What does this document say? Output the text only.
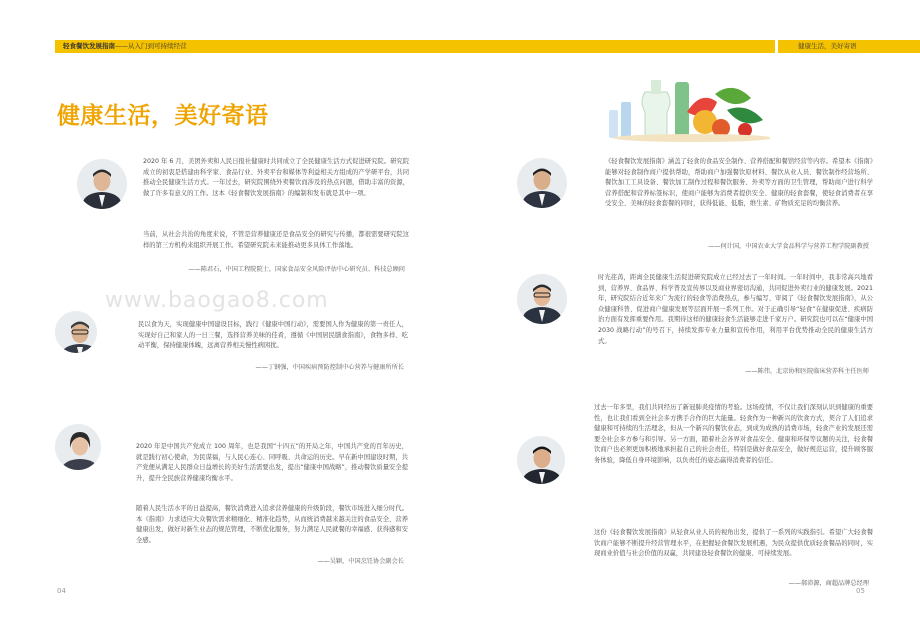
轻食餐饮发展指南——从入门到可持续经营	健康生活，美好寄语
健康生活，美好寄语
www.baogao8.com
2020 年 6 月，美团外卖和人民日报社健康时共同成立了全民健康生活方式促进研究院。研究院成立的初衷是搭建由科学家、食品行业、外卖平台和媒体等利益相关方组成的产学研平台，共同推动全民健康生活方式。一年过去，研究院围绕外卖餐饮而涉及的热点问题，借助丰富的资源，做了许多有意义的工作。这本《轻食餐饮发展指南》的编制和发布就是其中一项。
当前，从社会共治的角度来说，不管是营养健康还是食品安全的研究与传播，都很需要研究院这样的第三方机构来组织开展工作。希望研究院未来能推动更多具体工作落地。
——陈君石，中国工程院院士，国家食品安全风险评估中心研究员、科技总顾问
民以食为天，实现健康中国建设目标，践行《健康中国行动》，需要国人作为健康的第一责任人，实现好自己和家人的一日三餐，选择营养美味的佳肴，遵循《中国居民膳食指南》，食物多样、吃动平衡，保持健康体魄，远离营养相关慢性病困扰。
——丁钢强，中国疾病预防控制中心营养与健康所所长
2020 年是中国共产党成立 100 周年，也是我国“十四五”的开局之年，中国共产党的百年历史，就是践行初心使命，为民谋福，与人民心连心、同呼吸、共命运的历史。早在新中国建设时期，共产党便从满足人民群众日益增长的美好生活需要出发，提出“健康中国战略”，推动餐饮质量安全提升，提升全民族营养健康均衡水平。
随着人民生活水平的日益提高，餐饮消费进入追求营养健康的升级阶段，餐饮市场进入细分时代。本《指南》力求适应大众餐饮需求精细化、精准化趋势，从而统消费越来越关注的食品安全、营养健康出发，做好对新生业态的规范管理，不断优化服务，努力满足人民就餐的幸福感、获得感和安全感。
——吴颖，中国烹饪协会副会长
《轻食餐饮发展指南》涵盖了轻食的食品安全制作、营养搭配和餐馆经营等内容。希望本《指南》能够对轻食制作商户提供帮助，帮助商户加强餐饮原材料、餐饮从业人员、餐饮制作经营场所、餐饮加工工具设备、餐饮加工制作过程和餐饮服务、外卖等方面的卫生管理，帮助商户进行科学营养搭配和营养标签标识，使商户能够为消费者提供安全、健康的轻食套餐，使轻食消费者在享受安全、美味的轻食套餐的同时，获得低能、低脂，维生素、矿物质充足的均衡营养。
——何计国，中国农业大学食品科学与营养工程学院副教授
时光荏苒，距离全民健康生活促进研究院成立已经过去了一年时间。一年时间中，我非常高兴地看到，营养界、食品界、科学普及宣传界以及商业界密切沟通，共同促进外卖行业的健康发展。2021 年，研究院结合近年来广为流行的轻食等消费热点，参与编写、审阅了《轻食餐饮发展指南》，从公众健康科普、促进商户健康发展等层面开展一系列工作。对于正确引导“轻食”在健康促进、疾病防治方面有发挥重要作用。我期待这样的健康轻食生活能够走进千家万户。研究院也可以在“健康中国 2030 战略行动”的号召下，持续发挥专业力量和宣传作用，利用平台优势推动全民的健康生活方式。
——陈伟，北京协和医院临床营养科主任医师
过去一年多里，我们共同经历了新冠肺炎疫情的考验。这场疫情，不仅让我们深刻认识到健康的重要性，也让我们看到全社会多方携手合作的巨大能量。轻食作为一种新兴的饮食方式，契合了人们追求健康和可持续的生活理念，但从一个新兴的餐饮业态，到成为成熟的消费市场，轻食产业的发展还需要全社会多方参与和引导。另一方面，随着社会各界对食品安全、健康和环保等议题的关注，轻食餐饮商户也必须更加积极地承担起自己的社会责任，特别是做好食品安全，做好规范运营，提升顾客服务体验，降低自身环境影响，以负责任的姿态赢得消费者的信任。
这份《轻食餐饮发展指南》从轻食从业人员的视角出发，提供了一系列的实践指引。希望广大轻食餐饮商户能够不断提升经营管理水平，在把握轻食餐饮发展机遇，为民众提供优质轻食餐品的同时，实现商业价值与社会价值的双赢，共同建设轻食餐饮的健康、可持续发展。
——郝沛源，商超品牌总经理
04	05
